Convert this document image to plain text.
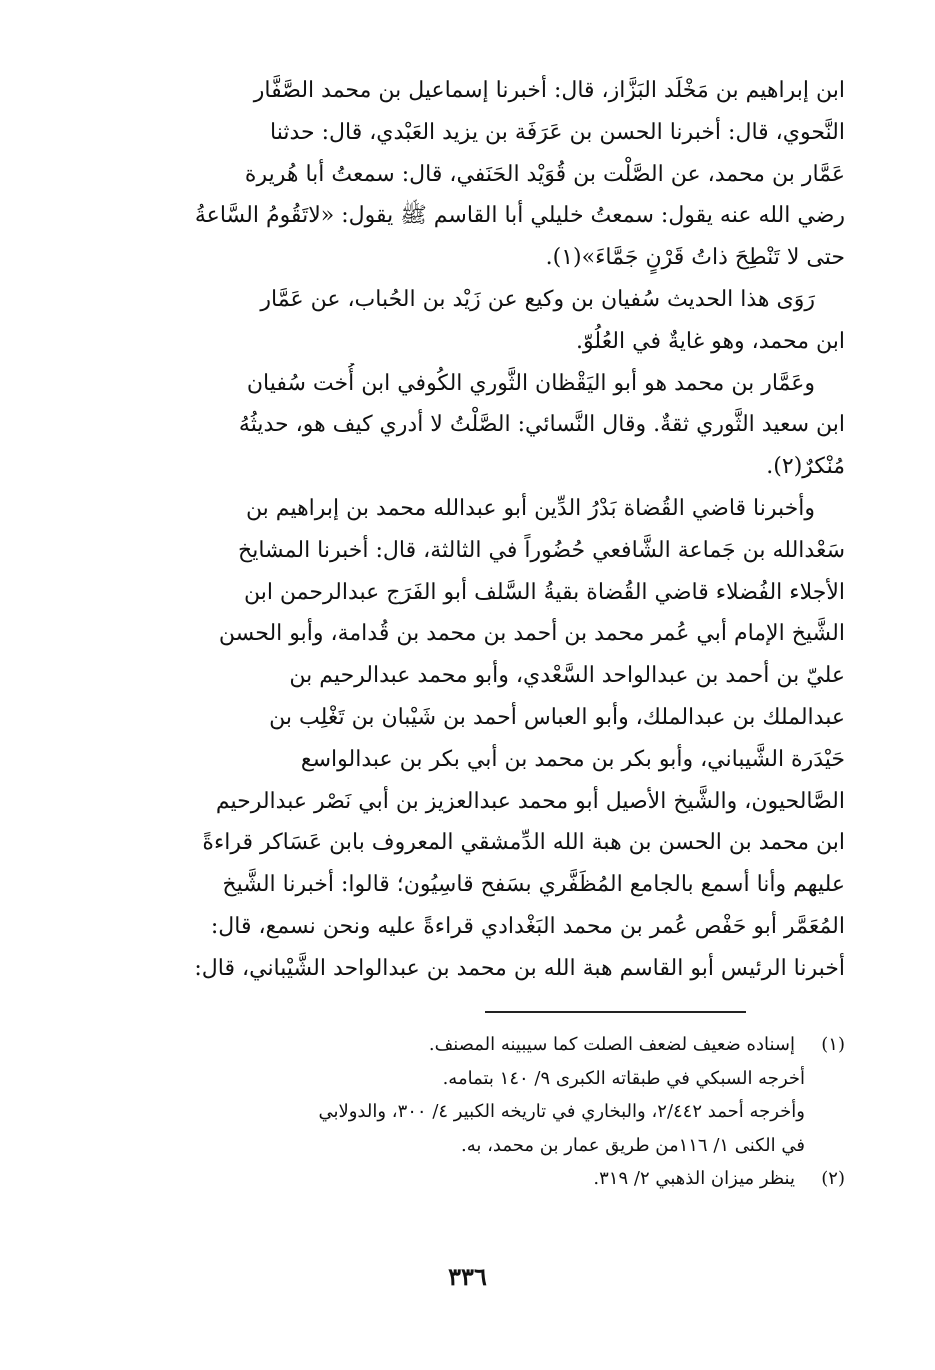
ابن إبراهيم بن مَخْلَد البَزَّاز، قال: أخبرنا إسماعيل بن محمد الصَّفَّار
النَّحوي، قال: أخبرنا الحسن بن عَرَفَة بن يزيد العَبْدي، قال: حدثنا
عَمَّار بن محمد، عن الصَّلْت بن قُوَيْد الحَنَفي، قال: سمعتُ أبا هُريرة
رضي الله عنه يقول: سمعتُ خليلي أبا القاسم ﷺ يقول: «لاتَقُومُ السَّاعةُ
حتى لا تَنْطِحَ ذاتُ قَرْنٍ جَمَّاءَ»(١).
رَوَى هذا الحديث سُفيان بن وكيع عن زَيْد بن الحُباب، عن عَمَّار
ابن محمد، وهو غايةٌ في العُلُوّ.
وعَمَّار بن محمد هو أبو اليَقْظان الثَّوري الكُوفي ابن أُخت سُفيان
ابن سعيد الثَّوري ثقةٌ. وقال النَّسائي: الصَّلْتُ لا أدري كيف هو، حديثُهُ
مُنْكرٌ(٢).
وأخبرنا قاضي القُضاة بَدْرُ الدِّين أبو عبدالله محمد بن إبراهيم بن
سَعْدالله بن جَماعة الشَّافعي حُضُوراً في الثالثة، قال: أخبرنا المشايخ
الأجلاء الفُضلاء قاضي القُضاة بقيةُ السَّلف أبو الفَرَج عبدالرحمن ابن
الشَّيخ الإمام أبي عُمر محمد بن أحمد بن محمد بن قُدامة، وأبو الحسن
عليّ بن أحمد بن عبدالواحد السَّعْدي، وأبو محمد عبدالرحيم بن
عبدالملك بن عبدالملك، وأبو العباس أحمد بن شَيْبان بن تَغْلِب بن
حَيْدَرة الشَّيباني، وأبو بكر بن محمد بن أبي بكر بن عبدالواسع
الصَّالحيون، والشَّيخ الأصيل أبو محمد عبدالعزيز بن أبي نَصْر عبدالرحيم
ابن محمد بن الحسن بن هبة الله الدِّمشقي المعروف بابن عَسَاكر قراءةً
عليهم وأنا أسمع بالجامع المُظَفَّري بسَفح قاسِيُون؛ قالوا: أخبرنا الشَّيخ
المُعَمَّر أبو حَفْص عُمر بن محمد البَغْدادي قراءةً عليه ونحن نسمع، قال:
أخبرنا الرئيس أبو القاسم هبة الله بن محمد بن عبدالواحد الشَّيْباني، قال:
(١)إسناده ضعيف لضعف الصلت كما سيبينه المصنف.
أخرجه السبكي في طبقاته الكبرى ٩/ ١٤٠ بتمامه.
وأخرجه أحمد ٢/٤٤٢، والبخاري في تاريخه الكبير ٤/ ٣٠٠، والدولابي
في الكنى ١/ ١١٦من طريق عمار بن محمد، به.
(٢)ينظر ميزان الذهبي ٢/ ٣١٩.
٣٣٦
